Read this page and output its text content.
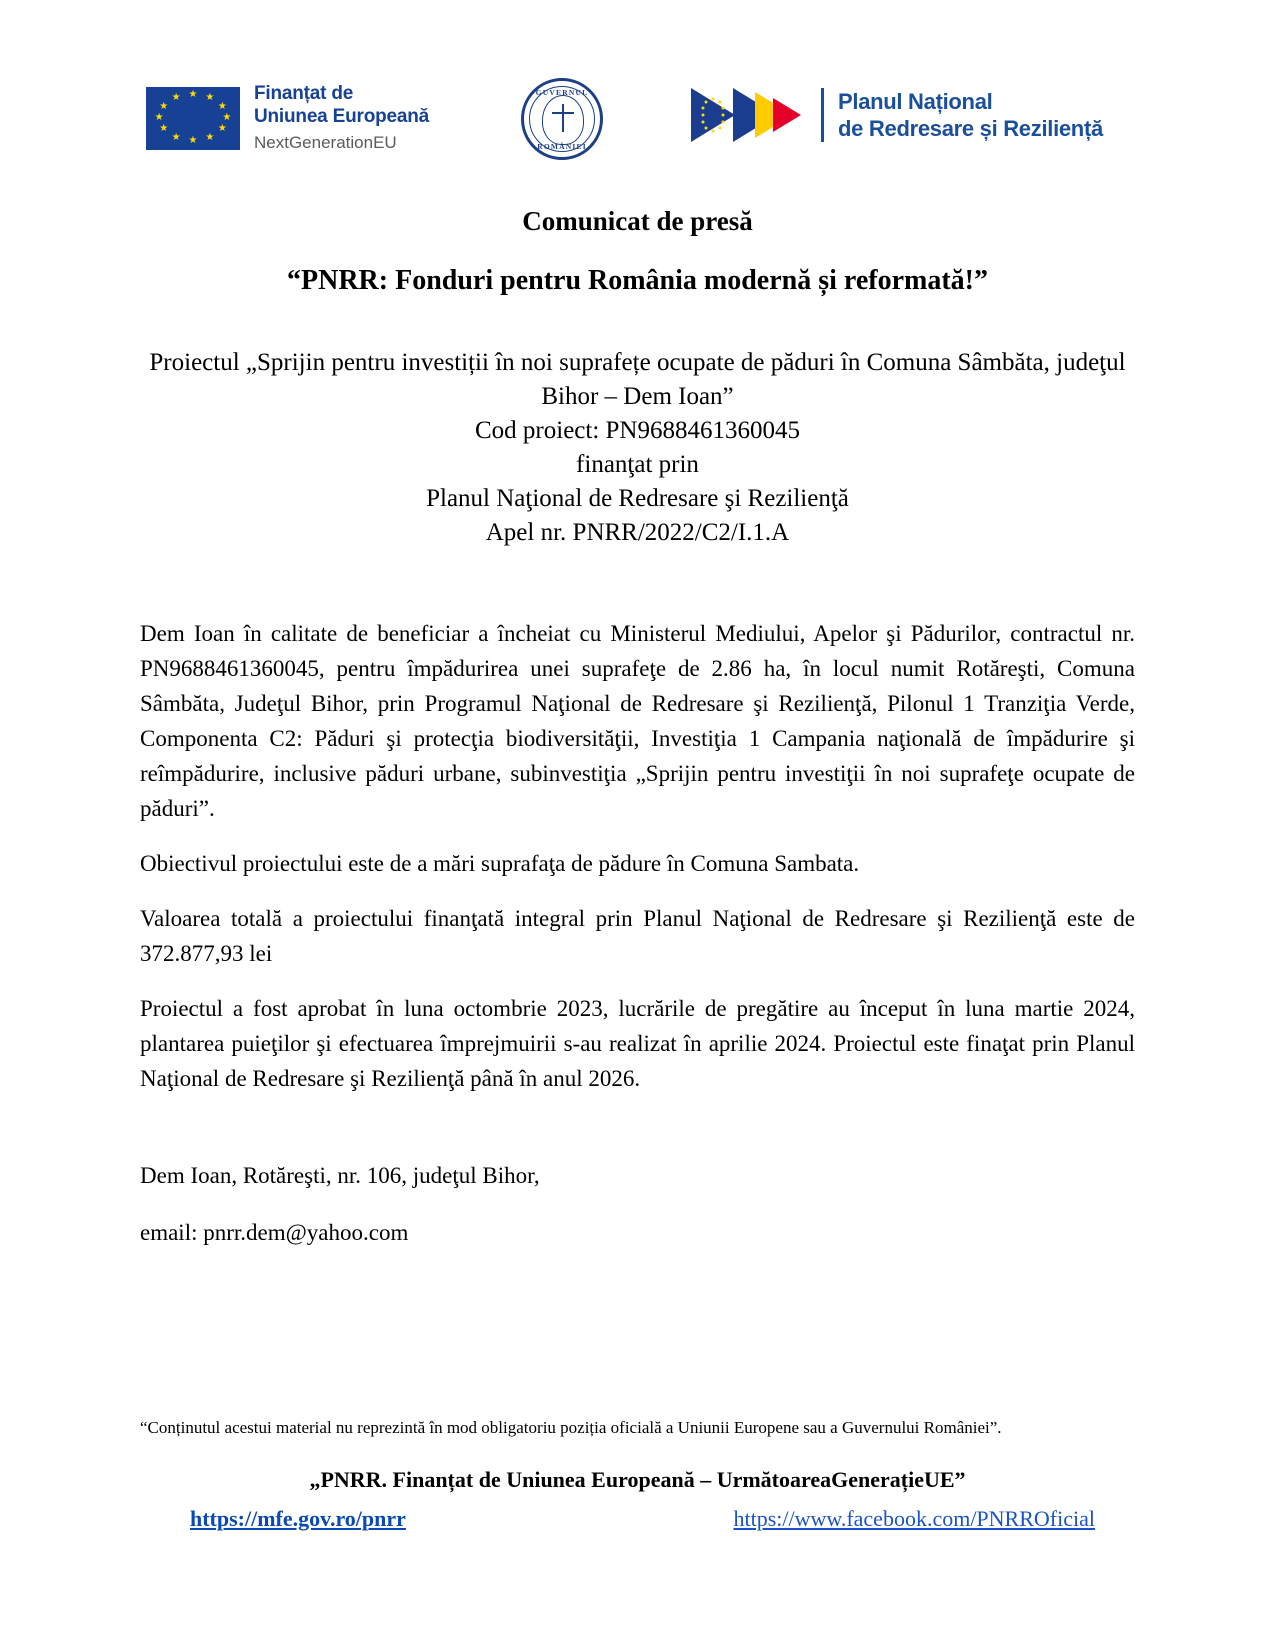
★ ★
★
★
★
★
★
★
★
★
★
★	Finanțat de
Uniunea Europeană
NextGenerationEU
GUVERNUL
ROMÂNIEI
Planul Național
de Redresare și Reziliență
Comunicat de presă
“PNRR: Fonduri pentru România modernă și reformată!”
Proiectul „Sprijin pentru investiții în noi suprafețe ocupate de păduri în Comuna Sâmbăta, judeţul Bihor – Dem Ioan”
Cod proiect: PN9688461360045
finanţat prin
Planul Naţional de Redresare şi Rezilienţă
Apel nr. PNRR/2022/C2/I.1.A

Dem Ioan în calitate de beneficiar a încheiat cu Ministerul Mediului, Apelor şi Pădurilor, contractul nr. PN9688461360045, pentru împădurirea unei suprafeţe de 2.86 ha, în locul numit Rotăreşti, Comuna Sâmbăta, Judeţul Bihor, prin Programul Naţional de Redresare şi Rezilienţă, Pilonul 1 Tranziţia Verde, Componenta C2: Păduri şi protecţia biodiversităţii, Investiţia 1 Campania naţională de împădurire şi reîmpădurire, inclusive păduri urbane, subinvestiţia „Sprijin pentru investiţii în noi suprafeţe ocupate de păduri”.

Obiectivul proiectului este de a mări suprafaţa de pădure în Comuna Sambata.

Valoarea totală a proiectului finanţată integral prin Planul Naţional de Redresare şi Rezilienţă este de 372.877,93 lei

Proiectul a fost aprobat în luna octombrie 2023, lucrările de pregătire au început în luna martie 2024, plantarea puieţilor şi efectuarea împrejmuirii s-au realizat în aprilie 2024. Proiectul este finaţat prin Planul Naţional de Redresare şi Rezilienţă până în anul 2026.

Dem Ioan, Rotăreşti, nr. 106, judeţul Bihor,

email: pnrr.dem@yahoo.com

“Conținutul acestui material nu reprezintă în mod obligatoriu poziția oficială a Uniunii Europene sau a Guvernului României”.
„PNRR. Finanțat de Uniunea Europeană – UrmătoareaGenerațieUE”
https://mfe.gov.ro/pnrr	https://www.facebook.com/PNRROficial
